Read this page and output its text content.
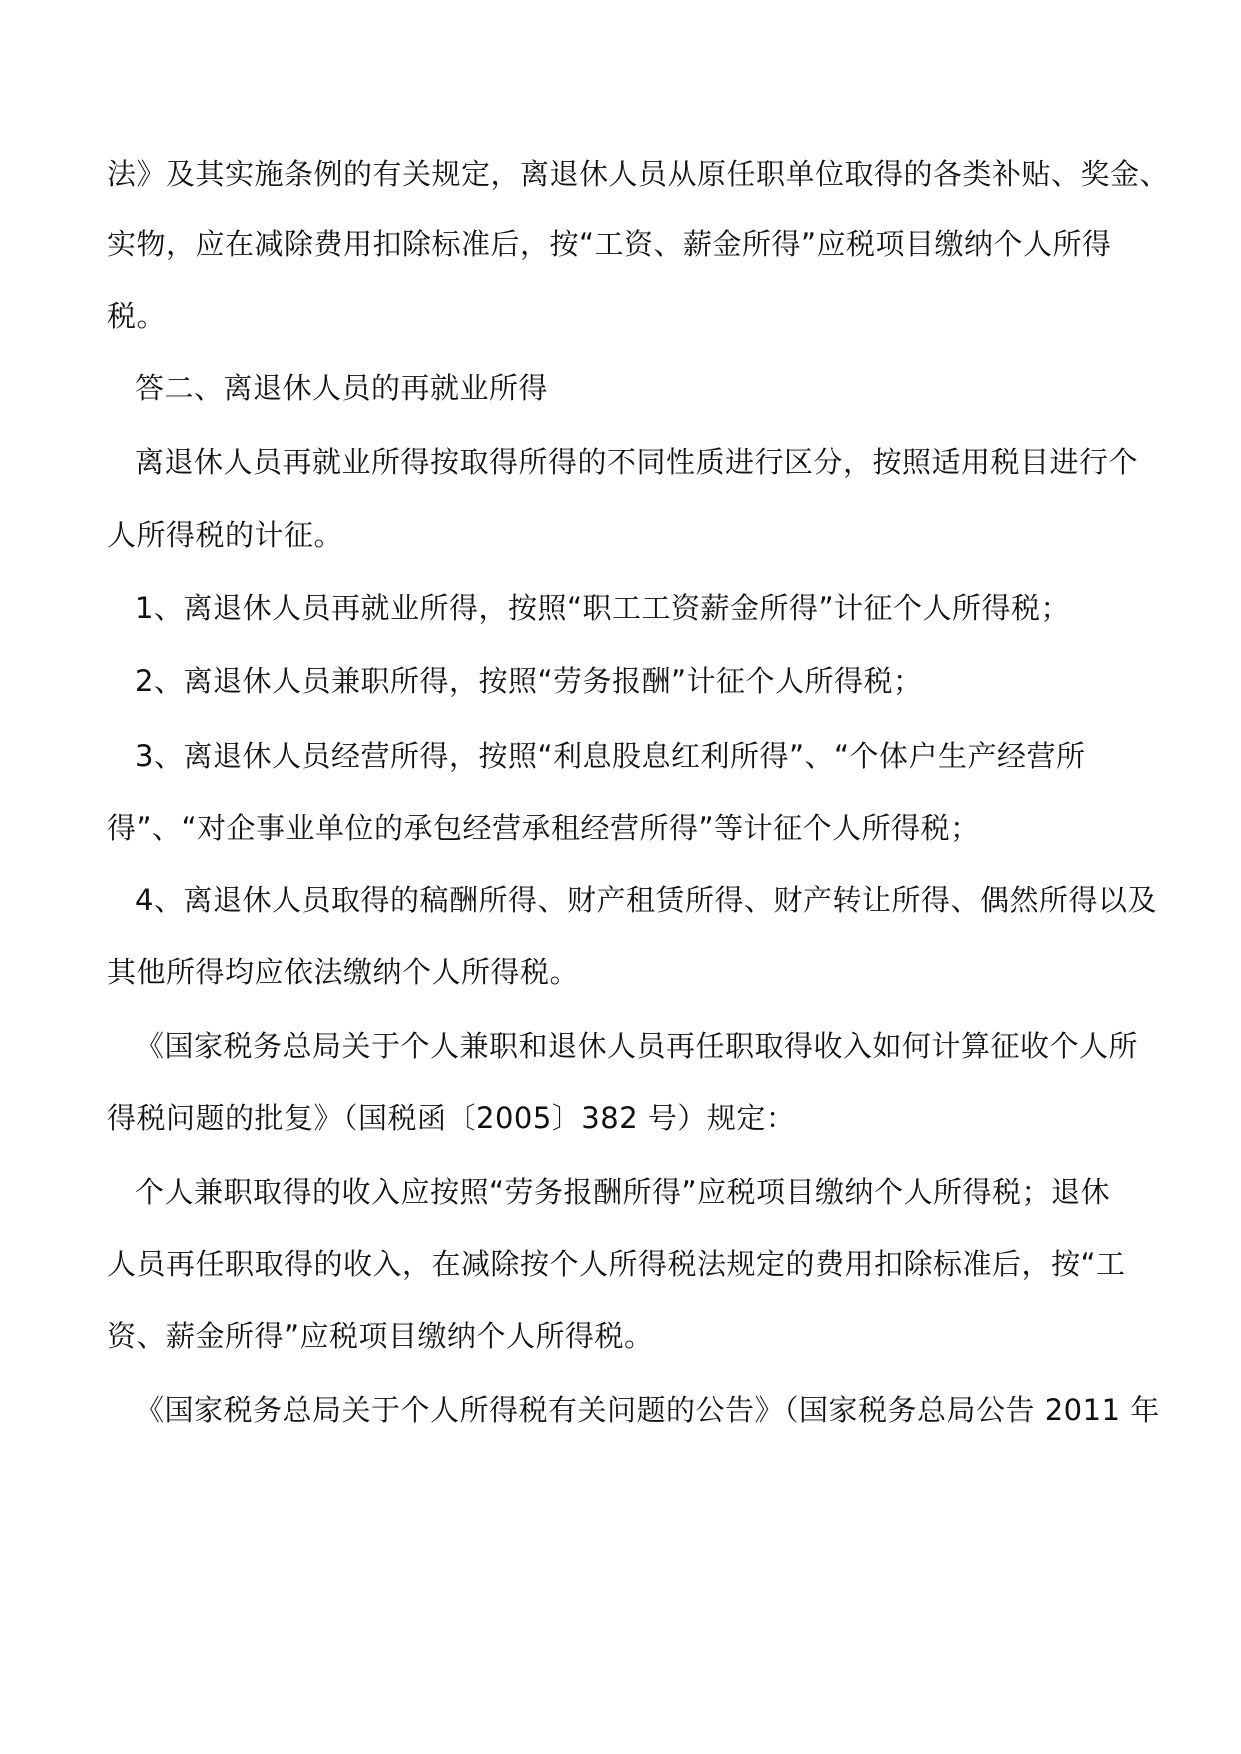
法》及其实施条例的有关规定，离退休人员从原任职单位取得的各类补贴、奖金、
实物，应在减除费用扣除标准后，按“工资、薪金所得”应税项目缴纳个人所得
税。
答二、离退休人员的再就业所得
离退休人员再就业所得按取得所得的不同性质进行区分，按照适用税目进行个
人所得税的计征。
1、离退休人员再就业所得，按照“职工工资薪金所得”计征个人所得税；
2、离退休人员兼职所得，按照“劳务报酬”计征个人所得税；
3、离退休人员经营所得，按照“利息股息红利所得”、“个体户生产经营所
得”、“对企事业单位的承包经营承租经营所得”等计征个人所得税；
4、离退休人员取得的稿酬所得、财产租赁所得、财产转让所得、偶然所得以及
其他所得均应依法缴纳个人所得税。
《国家税务总局关于个人兼职和退休人员再任职取得收入如何计算征收个人所
得税问题的批复》（国税函〔2005〕382 号）规定：
个人兼职取得的收入应按照“劳务报酬所得”应税项目缴纳个人所得税；退休
人员再任职取得的收入，在减除按个人所得税法规定的费用扣除标准后，按“工
资、薪金所得”应税项目缴纳个人所得税。
《国家税务总局关于个人所得税有关问题的公告》（国家税务总局公告 2011 年
